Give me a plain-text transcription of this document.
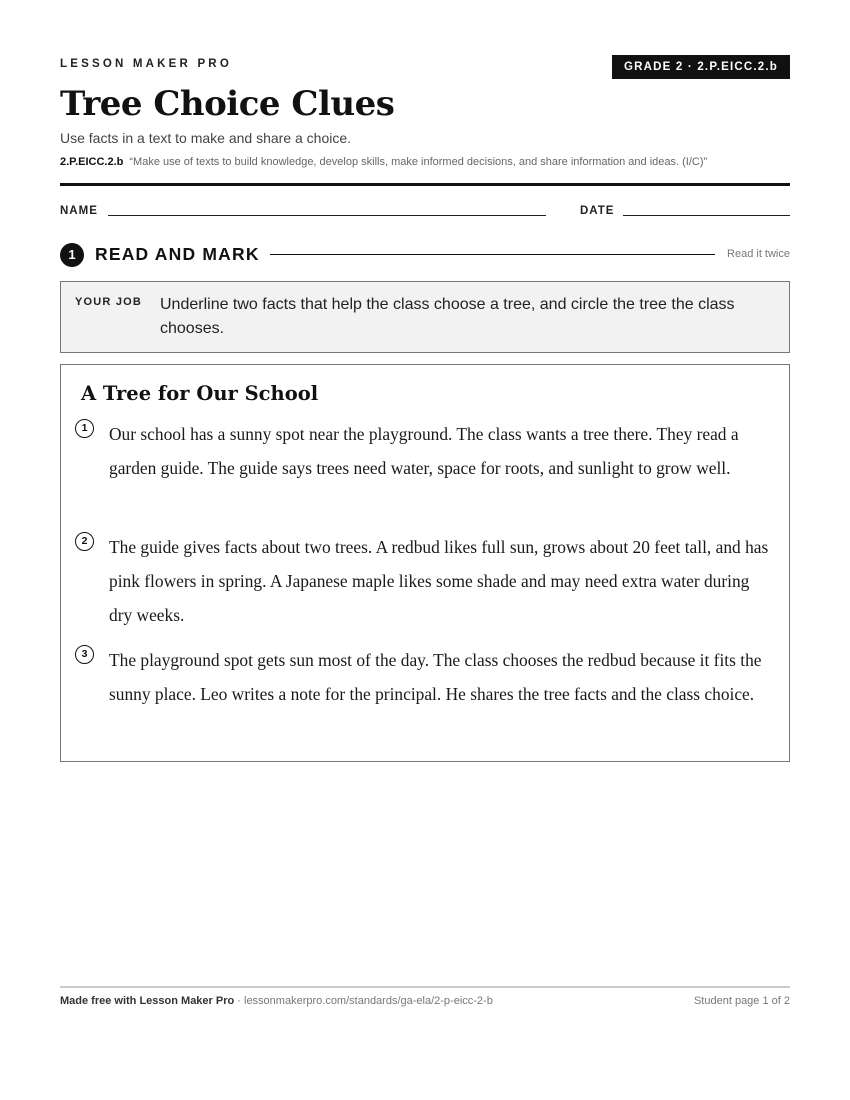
LESSON MAKER PRO	GRADE 2 · 2.P.EICC.2.b
Tree Choice Clues
Use facts in a text to make and share a choice.
2.P.EICC.2.b “Make use of texts to build knowledge, develop skills, make informed decisions, and share information and ideas. (I/C)”
NAME	DATE
1	READ AND MARK	Read it twice
YOUR JOB Underline two facts that help the class choose a tree, and circle the tree the class chooses.
A Tree for Our School
1	Our school has a sunny spot near the playground. The class wants a tree there. They read a garden guide. The guide says trees need water, space for roots, and sunlight to grow well.

2	The guide gives facts about two trees. A redbud likes full sun, grows about 20 feet tall, and has pink flowers in spring. A Japanese maple likes some shade and may need extra water during dry weeks.

3	The playground spot gets sun most of the day. The class chooses the redbud because it fits the sunny place. Leo writes a note for the principal. He shares the tree facts and the class choice.

Made free with Lesson Maker Pro · lessonmakerpro.com/standards/ga-ela/2-p-eicc-2-b	Student page 1 of 2
